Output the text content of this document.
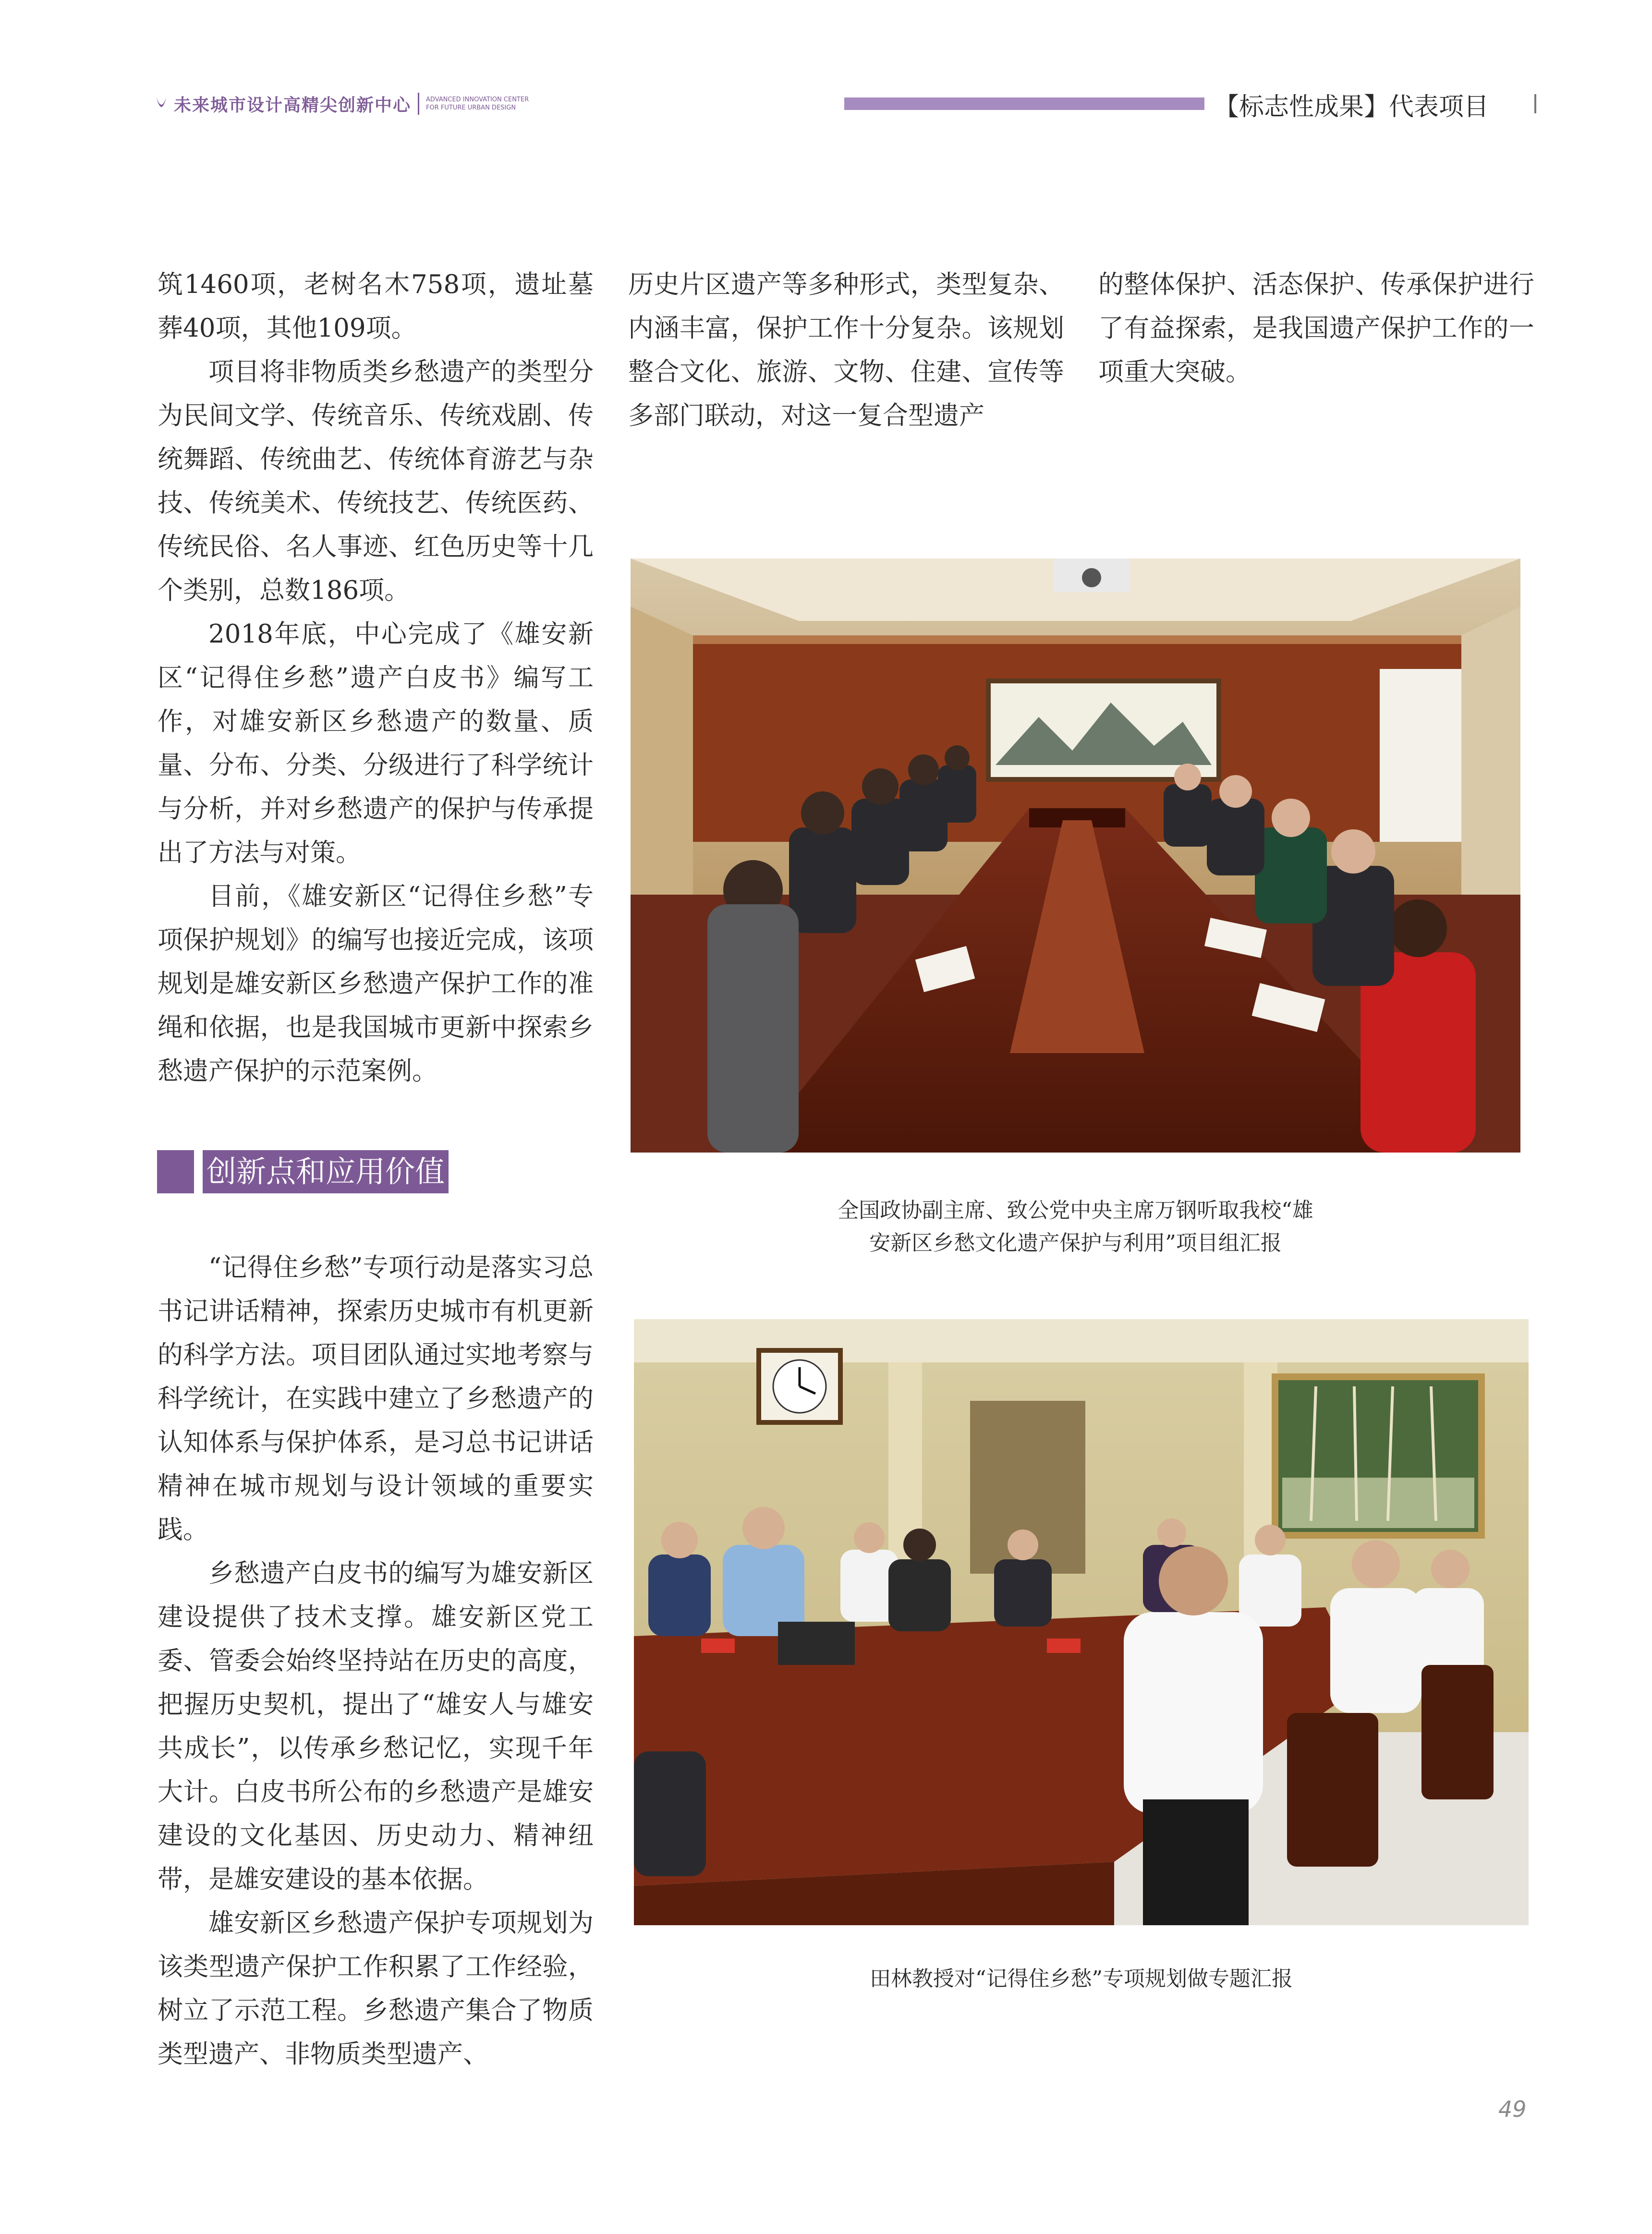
未来城市设计高精尖创新中心 ADVANCED INNOVATION CENTER
FOR FUTURE URBAN DESIGN	【标志性成果】代表项目

筑1460项，老树名木758项，遗址墓葬40项，其他109项。

项目将非物质类乡愁遗产的类型分为民间文学、传统音乐、传统戏剧、传统舞蹈、传统曲艺、传统体育游艺与杂技、传统美术、传统技艺、传统医药、传统民俗、名人事迹、红色历史等十几个类别，总数186项。

2018年底，中心完成了《雄安新区“记得住乡愁”遗产白皮书》编写工作，对雄安新区乡愁遗产的数量、质量、分布、分类、分级进行了科学统计与分析，并对乡愁遗产的保护与传承提出了方法与对策。

目前，《雄安新区“记得住乡愁”专项保护规划》的编写也接近完成，该项规划是雄安新区乡愁遗产保护工作的准绳和依据，也是我国城市更新中探索乡愁遗产保护的示范案例。

历史片区遗产等多种形式，类型复杂、内涵丰富，保护工作十分复杂。该规划整合文化、旅游、文物、住建、宣传等多部门联动，对这一复合型遗产

的整体保护、活态保护、传承保护进行了有益探索，是我国遗产保护工作的一项重大突破。

创新点和应用价值

“记得住乡愁”专项行动是落实习总书记讲话精神，探索历史城市有机更新的科学方法。项目团队通过实地考察与科学统计，在实践中建立了乡愁遗产的认知体系与保护体系，是习总书记讲话精神在城市规划与设计领域的重要实践。

乡愁遗产白皮书的编写为雄安新区建设提供了技术支撑。雄安新区党工委、管委会始终坚持站在历史的高度，把握历史契机，提出了“雄安人与雄安共成长”，以传承乡愁记忆，实现千年大计。白皮书所公布的乡愁遗产是雄安建设的文化基因、历史动力、精神纽带，是雄安建设的基本依据。

雄安新区乡愁遗产保护专项规划为该类型遗产保护工作积累了工作经验，树立了示范工程。乡愁遗产集合了物质类型遗产、非物质类型遗产、

全国政协副主席、致公党中央主席万钢听取我校“雄
安新区乡愁文化遗产保护与利用”项目组汇报
田林教授对“记得住乡愁”专项规划做专题汇报
49
